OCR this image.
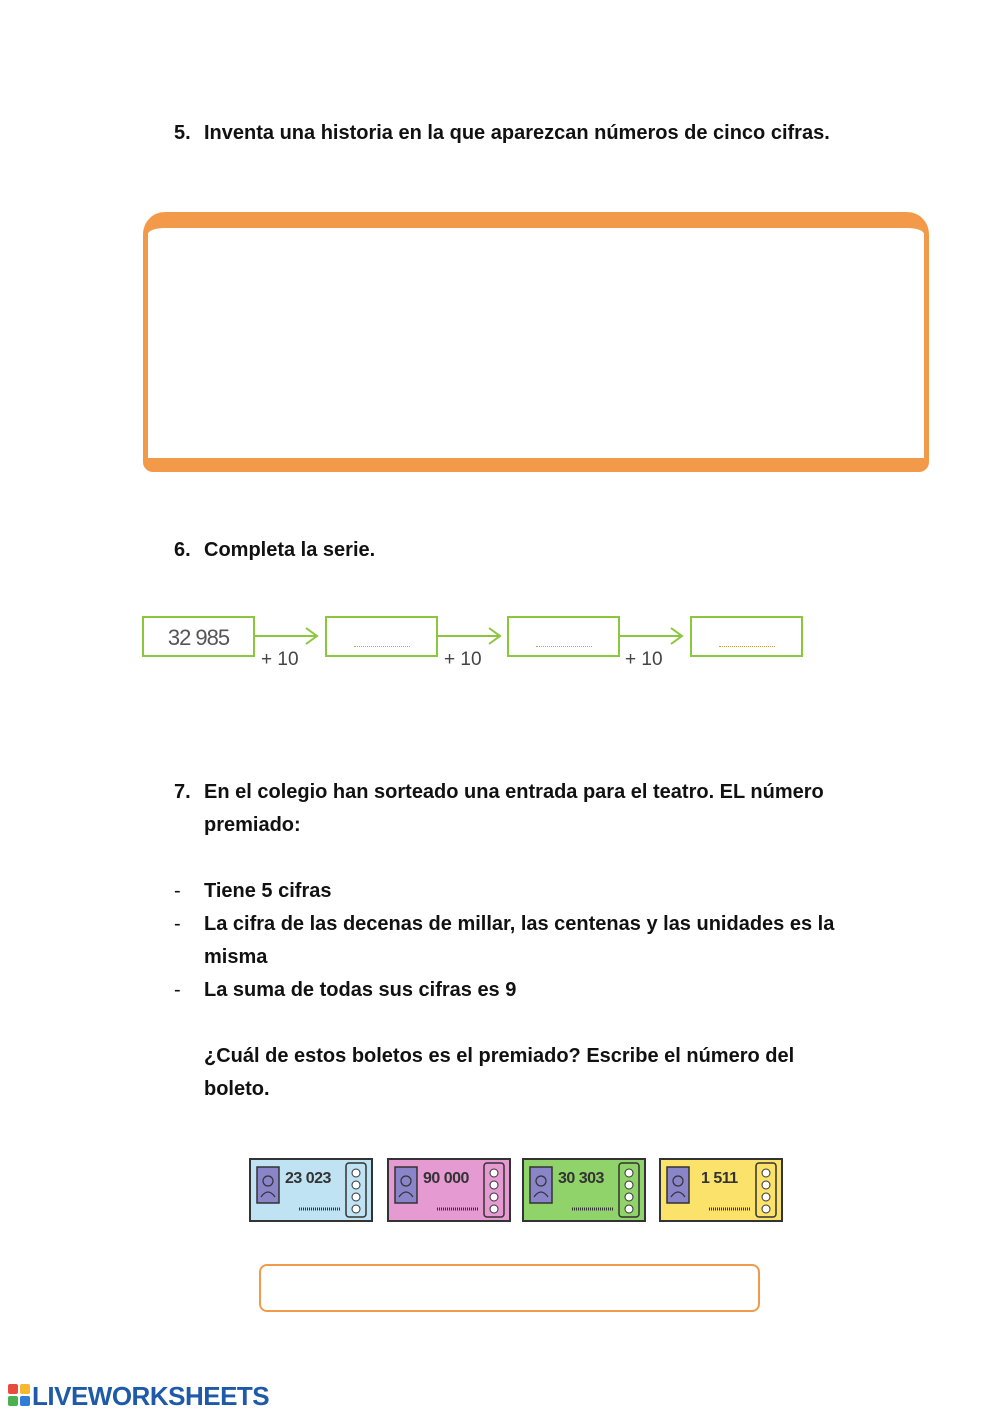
5. Inventa una historia en la que aparezcan números de cinco cifras.
6. Completa la serie.
32 985
+ 10	+ 10	+ 10
7. En el colegio han sorteado una entrada para el teatro. EL número
premiado:
- Tiene 5 cifras
- La cifra de las decenas de millar, las centenas y las unidades es la
misma
- La suma de todas sus cifras es 9
¿Cuál de estos boletos es el premiado? Escribe el número del
boleto.
23 023	90 000	30 303	1 511
LIVEWORKSHEETS
